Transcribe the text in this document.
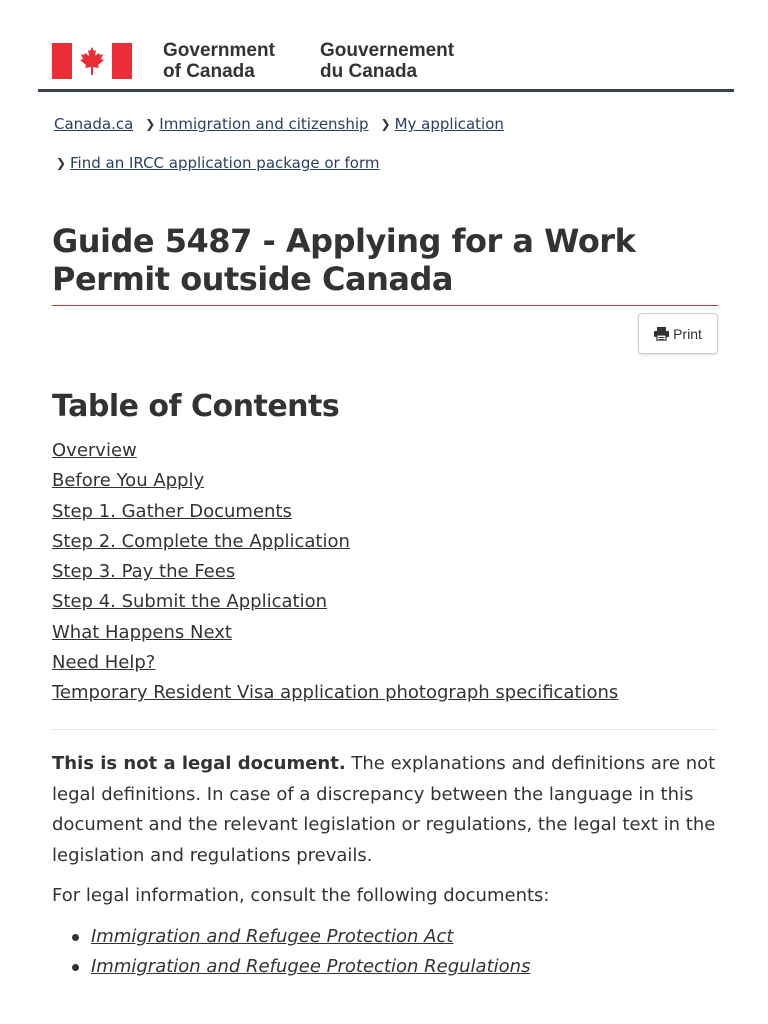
Government
of Canada
Gouvernement
du Canada
Canada.ca ❯ Immigration and citizenship ❯ My application
❯ Find an IRCC application package or form
Guide 5487 - Applying for a Work Permit outside Canada
Print
Table of Contents
Overview
Before You Apply
Step 1. Gather Documents
Step 2. Complete the Application
Step 3. Pay the Fees
Step 4. Submit the Application
What Happens Next
Need Help?
Temporary Resident Visa application photograph specifications

This is not a legal document. The explanations and definitions are not legal definitions. In case of a discrepancy between the language in this document and the relevant legislation or regulations, the legal text in the legislation and regulations prevails.

For legal information, consult the following documents:

Immigration and Refugee Protection Act
Immigration and Refugee Protection Regulations
